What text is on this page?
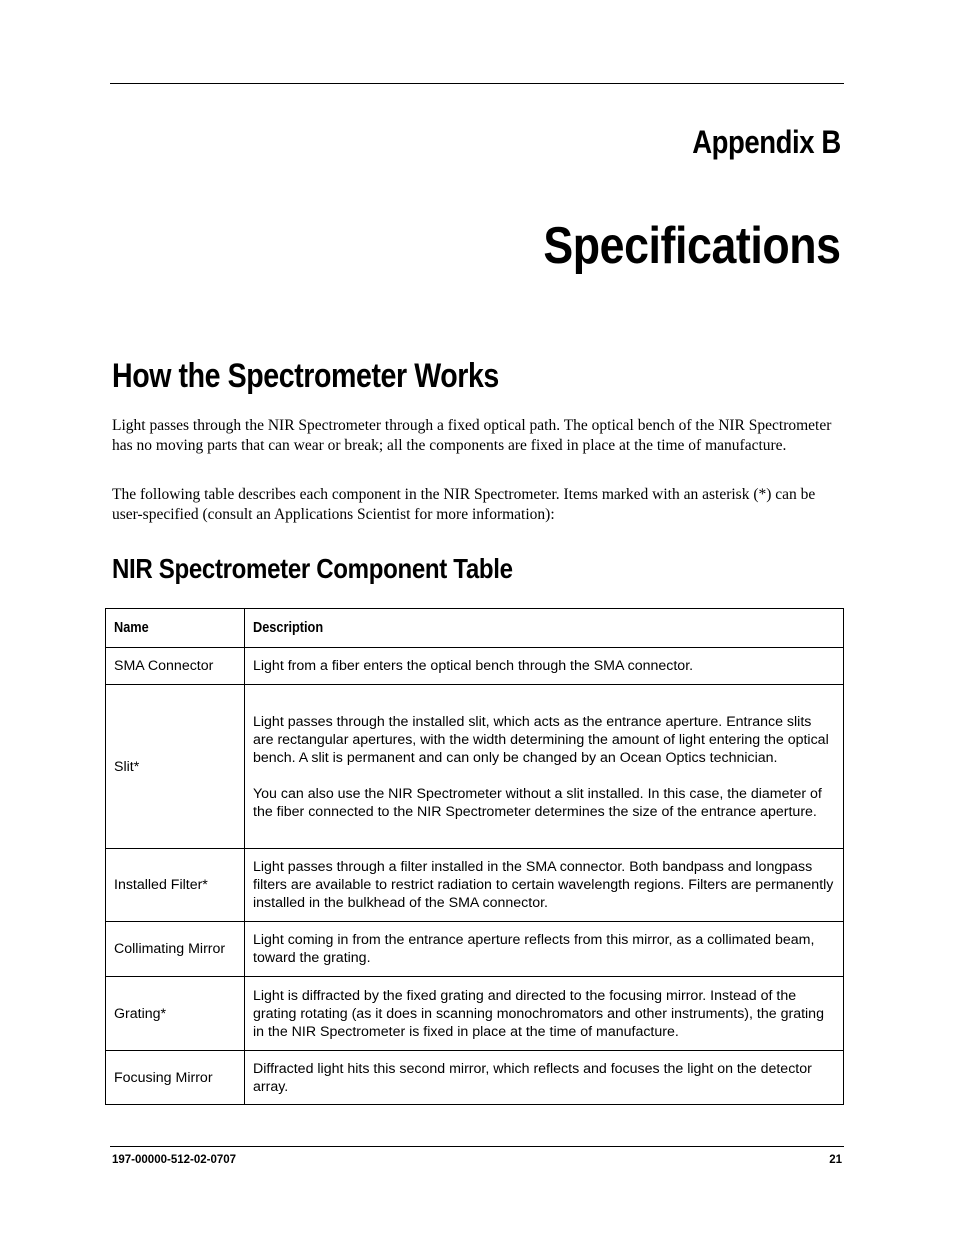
Appendix B
Specifications
How the Spectrometer Works

Light passes through the NIR Spectrometer through a fixed optical path. The optical bench of the NIR Spectrometer has no moving parts that can wear or break; all the components are fixed in place at the time of manufacture.

The following table describes each component in the NIR Spectrometer. Items marked with an asterisk (*) can be user-specified (consult an Applications Scientist for more information):

NIR Spectrometer Component Table
Name	Description
SMA Connector	Light from a fiber enters the optical bench through the SMA connector.

Slit*	Light passes through the installed slit, which acts as the entrance aperture. Entrance slits are rectangular apertures, with the width determining the amount of light entering the optical bench. A slit is permanent and can only be changed by an Ocean Optics technician.

You can also use the NIR Spectrometer without a slit installed. In this case, the diameter of the fiber connected to the NIR Spectrometer determines the size of the entrance aperture.

Installed Filter*	Light passes through a filter installed in the SMA connector. Both bandpass and longpass filters are available to restrict radiation to certain wavelength regions. Filters are permanently installed in the bulkhead of the SMA connector.

Collimating Mirror	Light coming in from the entrance aperture reflects from this mirror, as a collimated beam, toward the grating.

Grating*	Light is diffracted by the fixed grating and directed to the focusing mirror. Instead of the grating rotating (as it does in scanning monochromators and other instruments), the grating in the NIR Spectrometer is fixed in place at the time of manufacture.

Focusing Mirror	Diffracted light hits this second mirror, which reflects and focuses the light on the detector array.

197-00000-512-02-0707	21
